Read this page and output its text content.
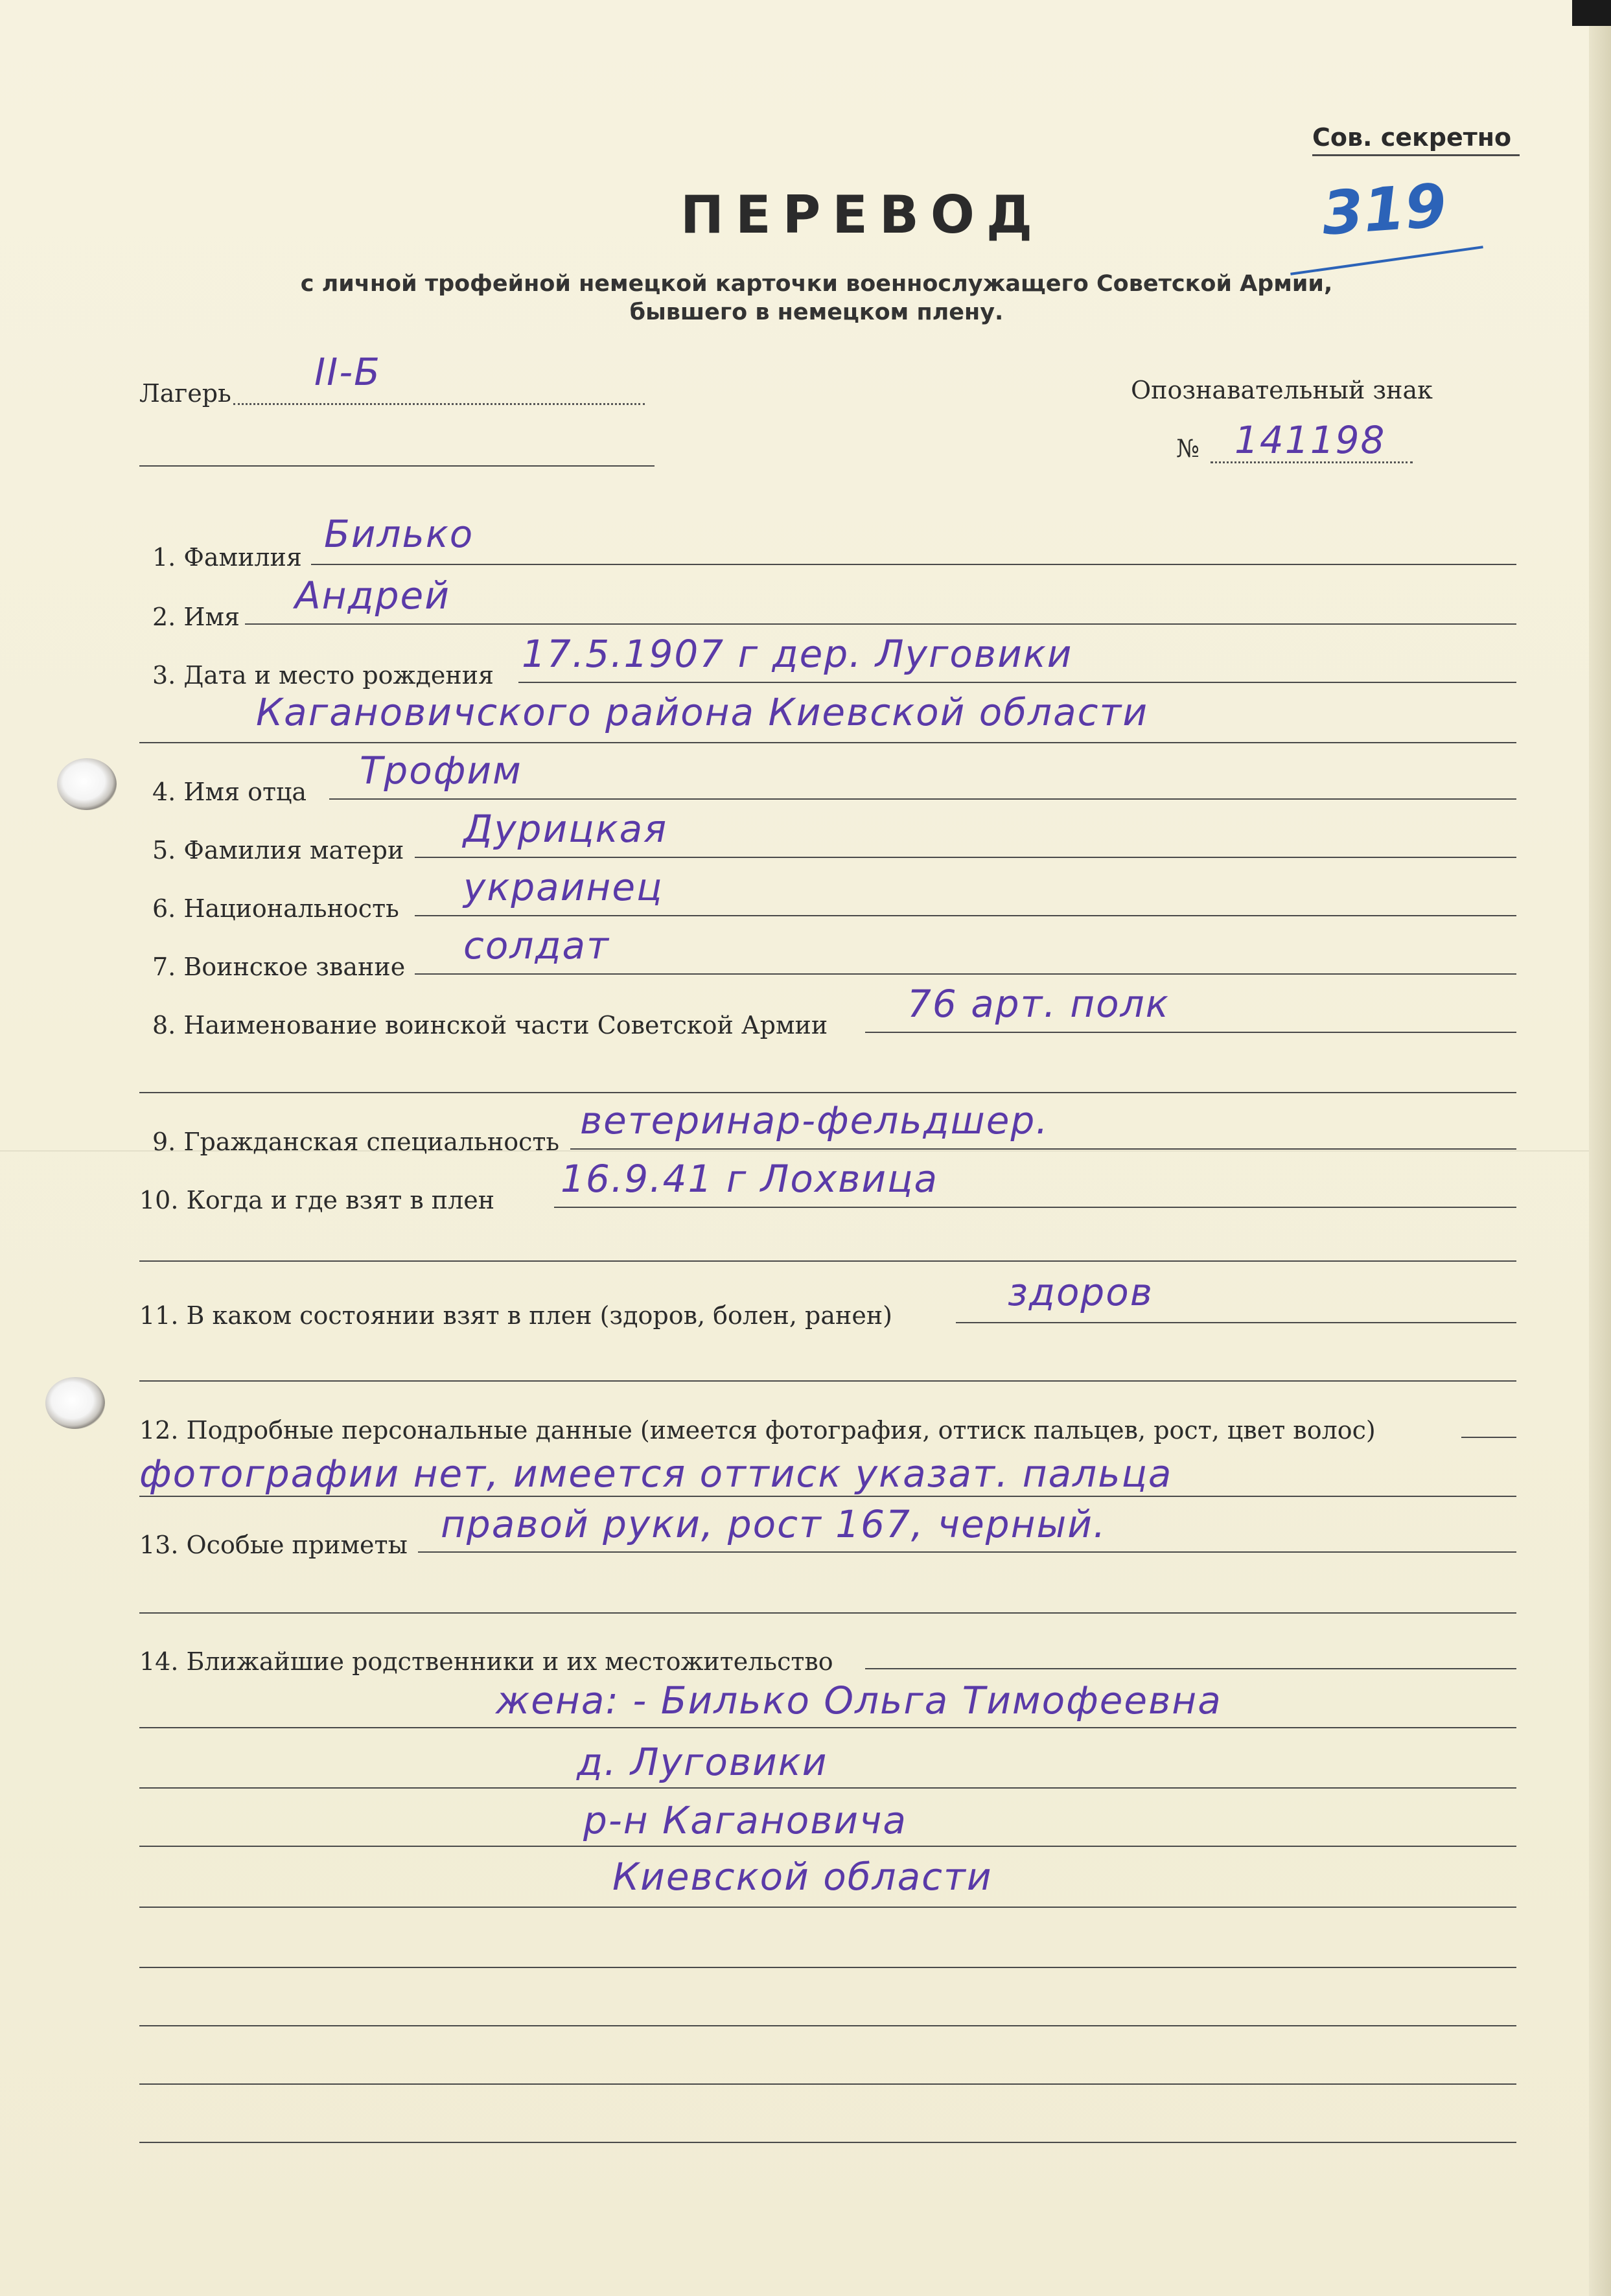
Сов. секретно
319
ПЕРЕВОД
с личной трофейной немецкой карточки военнослужащего Советской Армии,
бывшего в немецком плену.
Лагерь II-Б	Опознавательный знак
№ 141198
1. Фамилия
Билько
2. Имя Андрей
3. Дата и место рождения 17.5.1907 г дер. Луговики
Кагановичского района Киевской области
4. Имя отца Трофим
5. Фамилия матери Дурицкая
6. Национальность украинец
7. Воинское звание солдат
8. Наименование воинской части Советской Армии 76 арт. полк
9. Гражданская специальность ветеринар-фельдшер.
10. Когда и где взят в плен 16.9.41 г Лохвица
11. В каком состоянии взят в плен (здоров, болен, ранен)
здоров
12. Подробные персональные данные (имеется фотография, оттиск пальцев, рост, цвет волос)
фотографии нет, имеется оттиск указат. пальца
13. Особые приметы правой руки, рост 167, черный.
14. Ближайшие родственники и их местожительство
жена: - Билько Ольга Тимофеевна
д. Луговики
р-н Кагановича
Киевской области
